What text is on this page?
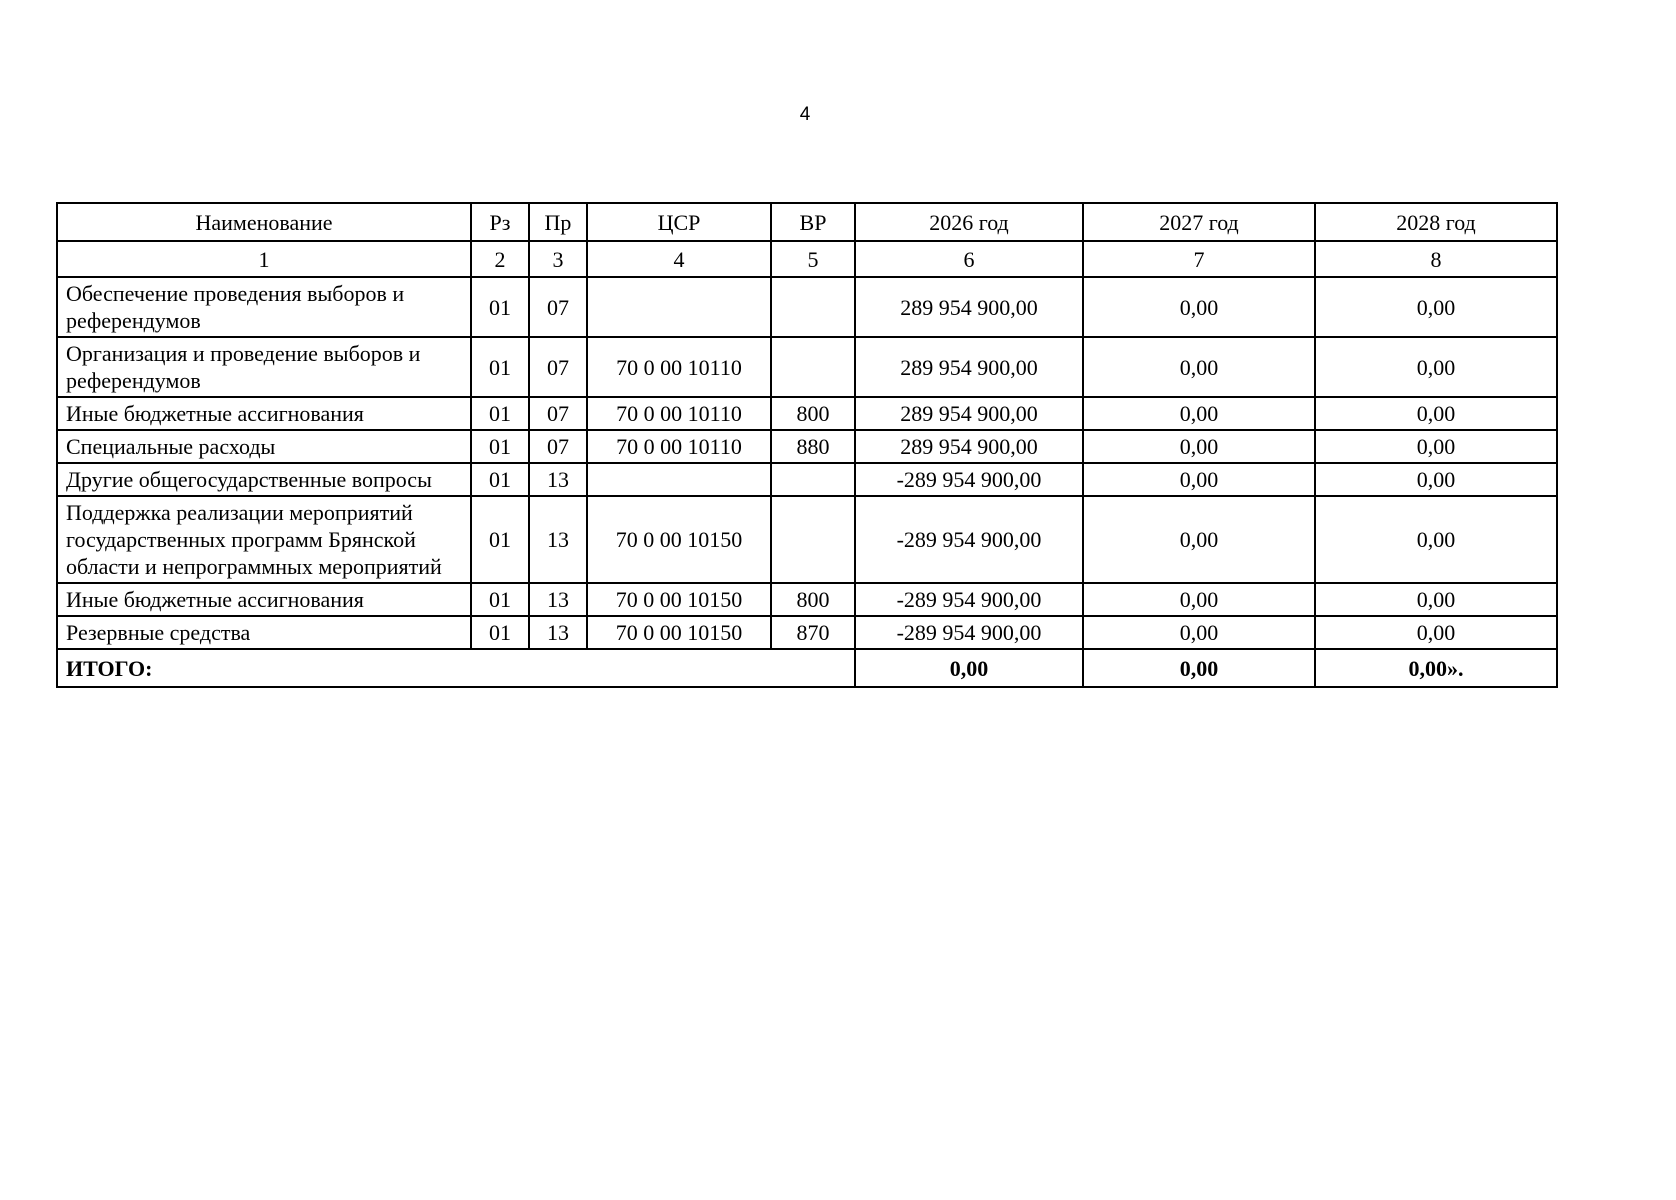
4
Наименование	Рз	Пр	ЦСР	ВР	2026 год	2027 год	2028 год
1	2	3	4	5	6	7	8
Обеспечение проведения выборов и референдумов	01	07			289 954 900,00	0,00	0,00
Организация и проведение выборов и референдумов	01	07	70 0 00 10110		289 954 900,00	0,00	0,00
Иные бюджетные ассигнования	01	07	70 0 00 10110	800	289 954 900,00	0,00	0,00
Специальные расходы	01	07	70 0 00 10110	880	289 954 900,00	0,00	0,00
Другие общегосударственные вопросы	01	13			-289 954 900,00	0,00	0,00
Поддержка реализации мероприятий государственных программ Брянской области и непрограммных мероприятий	01	13	70 0 00 10150		-289 954 900,00	0,00	0,00
Иные бюджетные ассигнования	01	13	70 0 00 10150	800	-289 954 900,00	0,00	0,00
Резервные средства	01	13	70 0 00 10150	870	-289 954 900,00	0,00	0,00
ИТОГО:					0,00	0,00	0,00».
